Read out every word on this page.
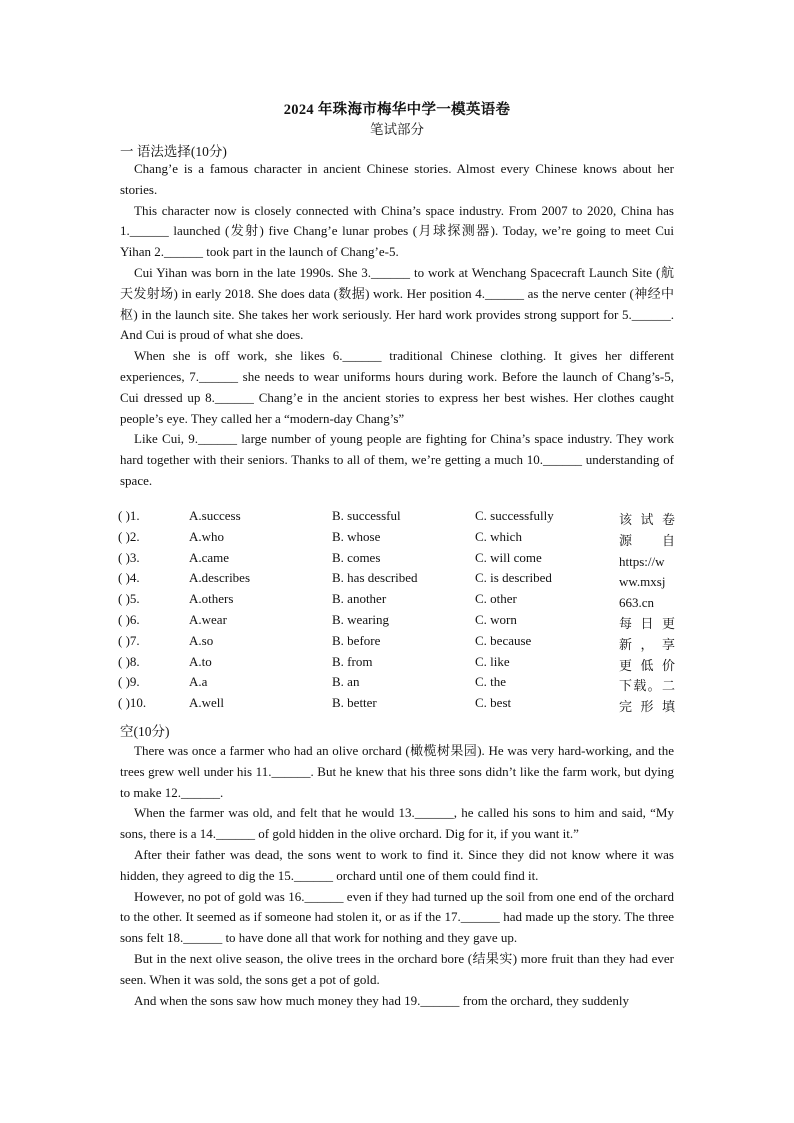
2024 年珠海市梅华中学一模英语卷
笔试部分
一 语法选择(10分)

Chang’e is a famous character in ancient Chinese stories. Almost every Chinese knows about her stories.

This character now is closely connected with China’s space industry. From 2007 to 2020, China has 1.______ launched (发射) five Chang’e lunar probes (月球探测器). Today, we’re going to meet Cui Yihan 2.______ took part in the launch of Chang’e-5.

Cui Yihan was born in the late 1990s. She 3.______ to work at Wenchang Spacecraft Launch Site (航天发射场) in early 2018. She does data (数据) work. Her position 4.______ as the nerve center (神经中枢) in the launch site. She takes her work seriously. Her hard work provides strong support for 5.______. And Cui is proud of what she does.

When she is off work, she likes 6.______ traditional Chinese clothing. It gives her different experiences, 7.______ she needs to wear uniforms hours during work. Before the launch of Chang’s-5, Cui dressed up 8.______ Chang’e in the ancient stories to express her best wishes. Her clothes caught people’s eye. They called her a “modern-day Chang’s”

Like Cui, 9.______ large number of young people are fighting for China’s space industry. They work hard together with their seniors. Thanks to all of them, we’re getting a much 10.______ understanding of space.

( )1.	A.success	B. successful	C. successfully
( )2.	A.who	B. whose	C. which
( )3.	A.came	B. comes	C. will come
( )4.	A.describes	B. has described	C. is described
( )5.	A.others	B. another	C. other
( )6.	A.wear	B. wearing	C. worn
( )7.	A.so	B. before	C. because
( )8.	A.to	B. from	C. like
( )9.	A.a	B. an	C. the
( )10.	A.well	B. better	C. best
该 试 卷
源 自
https://w
ww.mxsj
663.cn
每 日 更
新 ， 享
更 低 价
下载。二
完 形 填
空(10分)

There was once a farmer who had an olive orchard (橄榄树果园). He was very hard-working, and the trees grew well under his 11.______. But he knew that his three sons didn’t like the farm work, but dying to make 12.______.

When the farmer was old, and felt that he would 13.______, he called his sons to him and said, “My sons, there is a 14.______ of gold hidden in the olive orchard. Dig for it, if you want it.”

After their father was dead, the sons went to work to find it. Since they did not know where it was hidden, they agreed to dig the 15.______ orchard until one of them could find it.

However, no pot of gold was 16.______ even if they had turned up the soil from one end of the orchard to the other. It seemed as if someone had stolen it, or as if the 17.______ had made up the story. The three sons felt 18.______ to have done all that work for nothing and they gave up.

But in the next olive season, the olive trees in the orchard bore (结果实) more fruit than they had ever seen. When it was sold, the sons get a pot of gold.

And when the sons saw how much money they had 19.______ from the orchard, they suddenly
